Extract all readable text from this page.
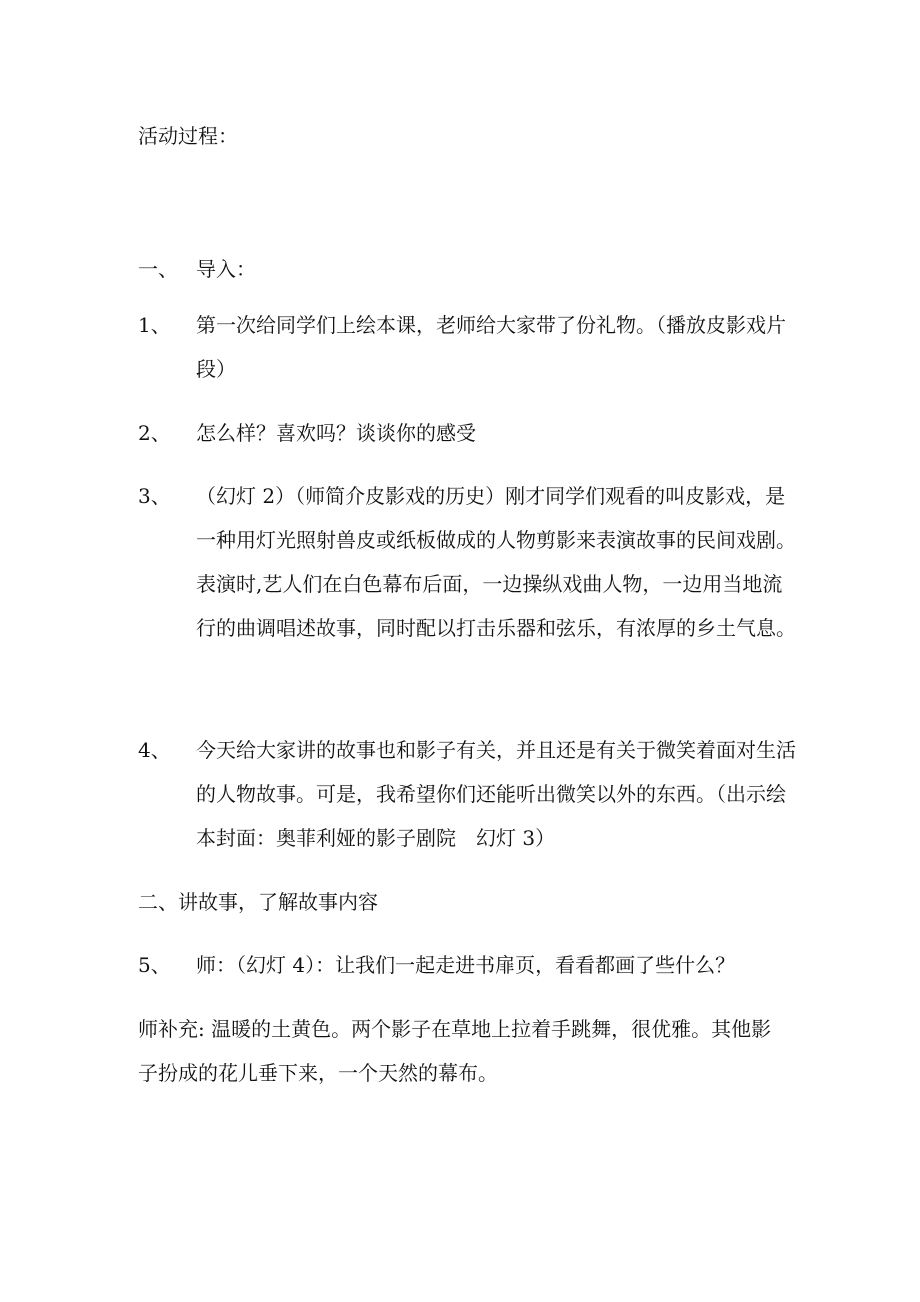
活动过程：
一、 导入：
1、 第一次给同学们上绘本课，老师给大家带了份礼物。（播放皮影戏片段）
2、 怎么样？喜欢吗？谈谈你的感受
3、 （幻灯 2）（师简介皮影戏的历史）刚才同学们观看的叫皮影戏，是一种用灯光照射兽皮或纸板做成的人物剪影来表演故事的民间戏剧。表演时,艺人们在白色幕布后面，一边操纵戏曲人物，一边用当地流行的曲调唱述故事，同时配以打击乐器和弦乐，有浓厚的乡土气息。
4、 今天给大家讲的故事也和影子有关，并且还是有关于微笑着面对生活的人物故事。可是，我希望你们还能听出微笑以外的东西。（出示绘本封面：奥菲利娅的影子剧院　幻灯 3）
二、讲故事，了解故事内容
5、 师：（幻灯 4）：让我们一起走进书扉页，看看都画了些什么？
师补充: 温暖的土黄色。两个影子在草地上拉着手跳舞，很优雅。其他影子扮成的花儿垂下来，一个天然的幕布。
